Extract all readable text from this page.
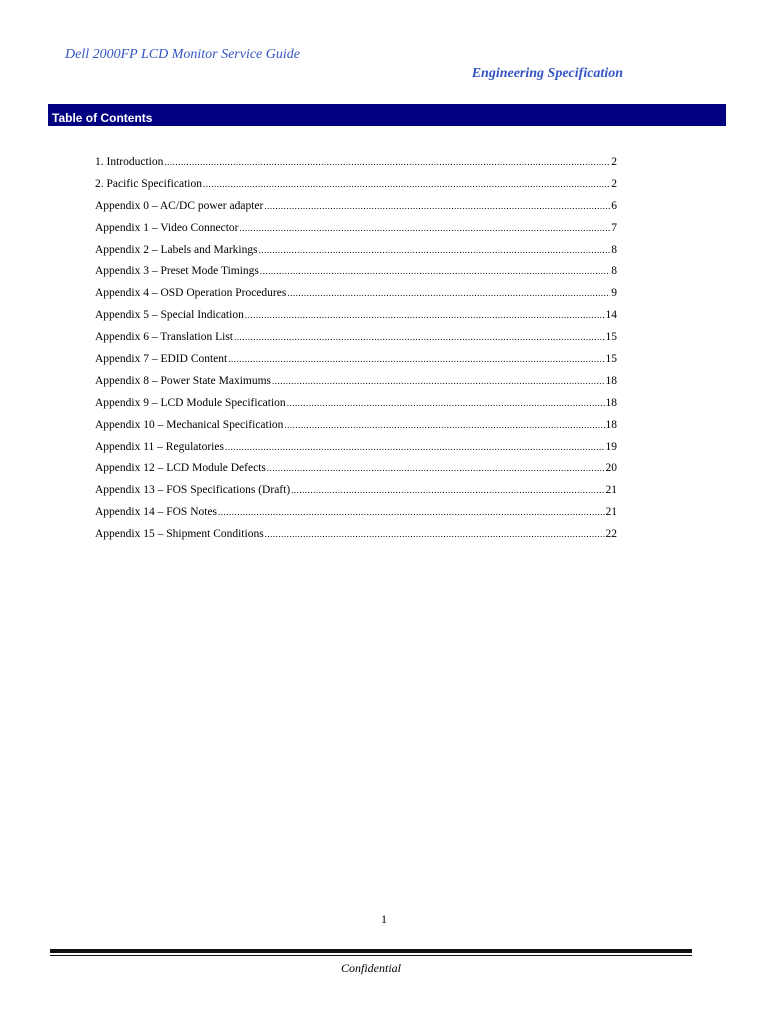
Dell 2000FP LCD Monitor Service Guide
Engineering Specification
Table of Contents
1. Introduction .....	2
2. Pacific Specification .....	2
Appendix 0 – AC/DC power adapter .....	6
Appendix 1 – Video Connector .....	7
Appendix 2 – Labels and Markings .....	8
Appendix 3 – Preset Mode Timings .....	8
Appendix 4 – OSD Operation Procedures .....	9
Appendix 5 – Special Indication .....	14
Appendix 6 – Translation List .....	15
Appendix 7 – EDID Content .....	15
Appendix 8 – Power State Maximums .....	18
Appendix 9 – LCD Module Specification .....	18
Appendix 10 – Mechanical Specification .....	18
Appendix 11 – Regulatories .....	19
Appendix 12 – LCD Module Defects .....	20
Appendix 13 – FOS Specifications (Draft) .....	21
Appendix 14 – FOS Notes .....	21
Appendix 15 – Shipment Conditions .....	22
1
Confidential
